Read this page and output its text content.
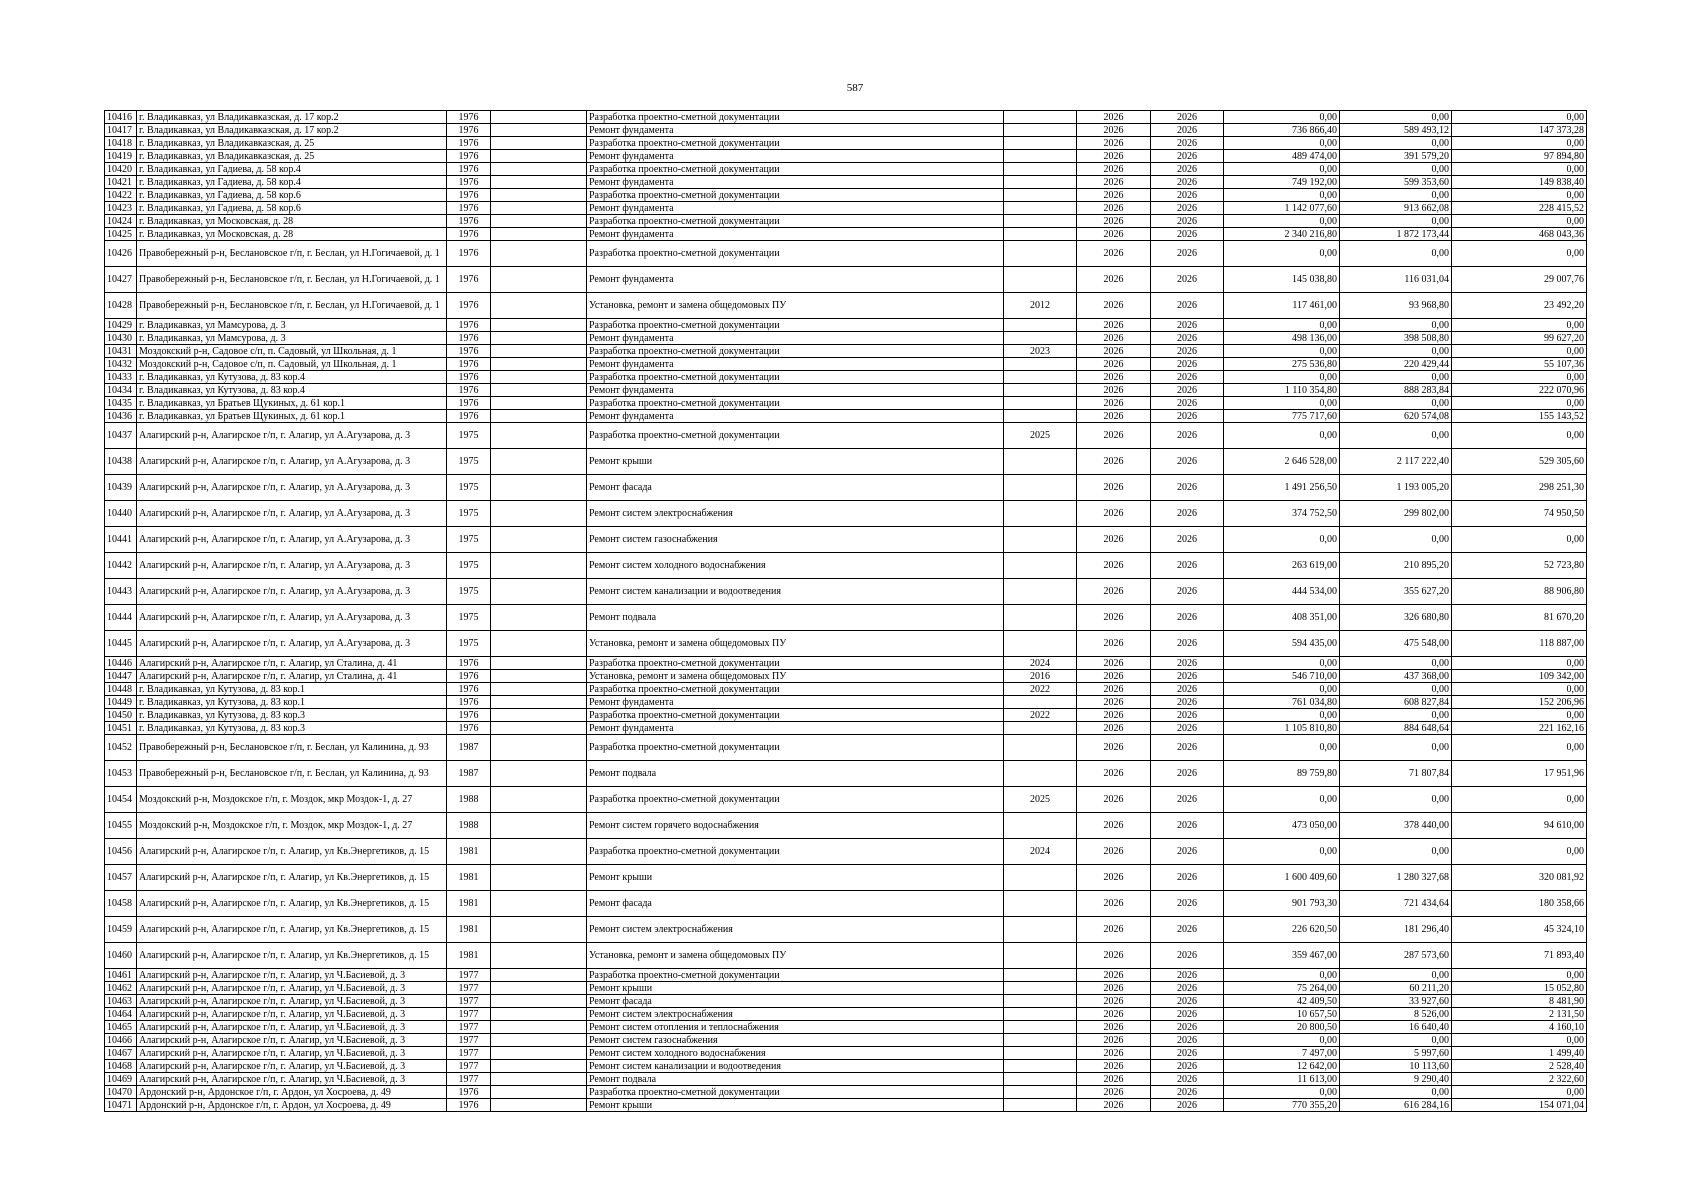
587
10416	г. Владикавказ, ул Владикавказская, д. 17 кор.2	1976		Разработка проектно-сметной документации		2026	2026	0,00	0,00	0,00
10417	г. Владикавказ, ул Владикавказская, д. 17 кор.2	1976		Ремонт фундамента		2026	2026	736 866,40	589 493,12	147 373,28
10418	г. Владикавказ, ул Владикавказская, д. 25	1976		Разработка проектно-сметной документации		2026	2026	0,00	0,00	0,00
10419	г. Владикавказ, ул Владикавказская, д. 25	1976		Ремонт фундамента		2026	2026	489 474,00	391 579,20	97 894,80
10420	г. Владикавказ, ул Гадиева, д. 58 кор.4	1976		Разработка проектно-сметной документации		2026	2026	0,00	0,00	0,00
10421	г. Владикавказ, ул Гадиева, д. 58 кор.4	1976		Ремонт фундамента		2026	2026	749 192,00	599 353,60	149 838,40
10422	г. Владикавказ, ул Гадиева, д. 58 кор.6	1976		Разработка проектно-сметной документации		2026	2026	0,00	0,00	0,00
10423	г. Владикавказ, ул Гадиева, д. 58 кор.6	1976		Ремонт фундамента		2026	2026	1 142 077,60	913 662,08	228 415,52
10424	г. Владикавказ, ул Московская, д. 28	1976		Разработка проектно-сметной документации		2026	2026	0,00	0,00	0,00
10425	г. Владикавказ, ул Московская, д. 28	1976		Ремонт фундамента		2026	2026	2 340 216,80	1 872 173,44	468 043,36
10426	Правобережный р-н, Беслановское г/п, г. Беслан, ул Н.Гогичаевой, д. 1	1976		Разработка проектно-сметной документации		2026	2026	0,00	0,00	0,00
10427	Правобережный р-н, Беслановское г/п, г. Беслан, ул Н.Гогичаевой, д. 1	1976		Ремонт фундамента		2026	2026	145 038,80	116 031,04	29 007,76
10428	Правобережный р-н, Беслановское г/п, г. Беслан, ул Н.Гогичаевой, д. 1	1976		Установка, ремонт и замена общедомовых ПУ	2012	2026	2026	117 461,00	93 968,80	23 492,20
10429	г. Владикавказ, ул Мамсурова, д. 3	1976		Разработка проектно-сметной документации		2026	2026	0,00	0,00	0,00
10430	г. Владикавказ, ул Мамсурова, д. 3	1976		Ремонт фундамента		2026	2026	498 136,00	398 508,80	99 627,20
10431	Моздокский р-н, Садовое с/п, п. Садовый, ул Школьная, д. 1	1976		Разработка проектно-сметной документации	2023	2026	2026	0,00	0,00	0,00
10432	Моздокский р-н, Садовое с/п, п. Садовый, ул Школьная, д. 1	1976		Ремонт фундамента		2026	2026	275 536,80	220 429,44	55 107,36
10433	г. Владикавказ, ул Кутузова, д. 83 кор.4	1976		Разработка проектно-сметной документации		2026	2026	0,00	0,00	0,00
10434	г. Владикавказ, ул Кутузова, д. 83 кор.4	1976		Ремонт фундамента		2026	2026	1 110 354,80	888 283,84	222 070,96
10435	г. Владикавказ, ул Братьев Щукиных, д. 61 кор.1	1976		Разработка проектно-сметной документации		2026	2026	0,00	0,00	0,00
10436	г. Владикавказ, ул Братьев Щукиных, д. 61 кор.1	1976		Ремонт фундамента		2026	2026	775 717,60	620 574,08	155 143,52
10437	Алагирский р-н, Алагирское г/п, г. Алагир, ул А.Агузарова, д. 3	1975		Разработка проектно-сметной документации	2025	2026	2026	0,00	0,00	0,00
10438	Алагирский р-н, Алагирское г/п, г. Алагир, ул А.Агузарова, д. 3	1975		Ремонт крыши		2026	2026	2 646 528,00	2 117 222,40	529 305,60
10439	Алагирский р-н, Алагирское г/п, г. Алагир, ул А.Агузарова, д. 3	1975		Ремонт фасада		2026	2026	1 491 256,50	1 193 005,20	298 251,30
10440	Алагирский р-н, Алагирское г/п, г. Алагир, ул А.Агузарова, д. 3	1975		Ремонт систем электроснабжения		2026	2026	374 752,50	299 802,00	74 950,50
10441	Алагирский р-н, Алагирское г/п, г. Алагир, ул А.Агузарова, д. 3	1975		Ремонт систем газоснабжения		2026	2026	0,00	0,00	0,00
10442	Алагирский р-н, Алагирское г/п, г. Алагир, ул А.Агузарова, д. 3	1975		Ремонт систем холодного водоснабжения		2026	2026	263 619,00	210 895,20	52 723,80
10443	Алагирский р-н, Алагирское г/п, г. Алагир, ул А.Агузарова, д. 3	1975		Ремонт систем канализации и водоотведения		2026	2026	444 534,00	355 627,20	88 906,80
10444	Алагирский р-н, Алагирское г/п, г. Алагир, ул А.Агузарова, д. 3	1975		Ремонт подвала		2026	2026	408 351,00	326 680,80	81 670,20
10445	Алагирский р-н, Алагирское г/п, г. Алагир, ул А.Агузарова, д. 3	1975		Установка, ремонт и замена общедомовых ПУ		2026	2026	594 435,00	475 548,00	118 887,00
10446	Алагирский р-н, Алагирское г/п, г. Алагир, ул Сталина, д. 41	1976		Разработка проектно-сметной документации	2024	2026	2026	0,00	0,00	0,00
10447	Алагирский р-н, Алагирское г/п, г. Алагир, ул Сталина, д. 41	1976		Установка, ремонт и замена общедомовых ПУ	2016	2026	2026	546 710,00	437 368,00	109 342,00
10448	г. Владикавказ, ул Кутузова, д. 83 кор.1	1976		Разработка проектно-сметной документации	2022	2026	2026	0,00	0,00	0,00
10449	г. Владикавказ, ул Кутузова, д. 83 кор.1	1976		Ремонт фундамента		2026	2026	761 034,80	608 827,84	152 206,96
10450	г. Владикавказ, ул Кутузова, д. 83 кор.3	1976		Разработка проектно-сметной документации	2022	2026	2026	0,00	0,00	0,00
10451	г. Владикавказ, ул Кутузова, д. 83 кор.3	1976		Ремонт фундамента		2026	2026	1 105 810,80	884 648,64	221 162,16
10452	Правобережный р-н, Беслановское г/п, г. Беслан, ул Калинина, д. 93	1987		Разработка проектно-сметной документации		2026	2026	0,00	0,00	0,00
10453	Правобережный р-н, Беслановское г/п, г. Беслан, ул Калинина, д. 93	1987		Ремонт подвала		2026	2026	89 759,80	71 807,84	17 951,96
10454	Моздокский р-н, Моздокское г/п, г. Моздок, мкр Моздок-1, д. 27	1988		Разработка проектно-сметной документации	2025	2026	2026	0,00	0,00	0,00
10455	Моздокский р-н, Моздокское г/п, г. Моздок, мкр Моздок-1, д. 27	1988		Ремонт систем горячего водоснабжения		2026	2026	473 050,00	378 440,00	94 610,00
10456	Алагирский р-н, Алагирское г/п, г. Алагир, ул Кв.Энергетиков, д. 15	1981		Разработка проектно-сметной документации	2024	2026	2026	0,00	0,00	0,00
10457	Алагирский р-н, Алагирское г/п, г. Алагир, ул Кв.Энергетиков, д. 15	1981		Ремонт крыши		2026	2026	1 600 409,60	1 280 327,68	320 081,92
10458	Алагирский р-н, Алагирское г/п, г. Алагир, ул Кв.Энергетиков, д. 15	1981		Ремонт фасада		2026	2026	901 793,30	721 434,64	180 358,66
10459	Алагирский р-н, Алагирское г/п, г. Алагир, ул Кв.Энергетиков, д. 15	1981		Ремонт систем электроснабжения		2026	2026	226 620,50	181 296,40	45 324,10
10460	Алагирский р-н, Алагирское г/п, г. Алагир, ул Кв.Энергетиков, д. 15	1981		Установка, ремонт и замена общедомовых ПУ		2026	2026	359 467,00	287 573,60	71 893,40
10461	Алагирский р-н, Алагирское г/п, г. Алагир, ул Ч.Басиевой, д. 3	1977		Разработка проектно-сметной документации		2026	2026	0,00	0,00	0,00
10462	Алагирский р-н, Алагирское г/п, г. Алагир, ул Ч.Басиевой, д. 3	1977		Ремонт крыши		2026	2026	75 264,00	60 211,20	15 052,80
10463	Алагирский р-н, Алагирское г/п, г. Алагир, ул Ч.Басиевой, д. 3	1977		Ремонт фасада		2026	2026	42 409,50	33 927,60	8 481,90
10464	Алагирский р-н, Алагирское г/п, г. Алагир, ул Ч.Басиевой, д. 3	1977		Ремонт систем электроснабжения		2026	2026	10 657,50	8 526,00	2 131,50
10465	Алагирский р-н, Алагирское г/п, г. Алагир, ул Ч.Басиевой, д. 3	1977		Ремонт систем отопления и теплоснабжения		2026	2026	20 800,50	16 640,40	4 160,10
10466	Алагирский р-н, Алагирское г/п, г. Алагир, ул Ч.Басиевой, д. 3	1977		Ремонт систем газоснабжения		2026	2026	0,00	0,00	0,00
10467	Алагирский р-н, Алагирское г/п, г. Алагир, ул Ч.Басиевой, д. 3	1977		Ремонт систем холодного водоснабжения		2026	2026	7 497,00	5 997,60	1 499,40
10468	Алагирский р-н, Алагирское г/п, г. Алагир, ул Ч.Басиевой, д. 3	1977		Ремонт систем канализации и водоотведения		2026	2026	12 642,00	10 113,60	2 528,40
10469	Алагирский р-н, Алагирское г/п, г. Алагир, ул Ч.Басиевой, д. 3	1977		Ремонт подвала		2026	2026	11 613,00	9 290,40	2 322,60
10470	Ардонский р-н, Ардонское г/п, г. Ардон, ул Хосроева, д. 49	1976		Разработка проектно-сметной документации		2026	2026	0,00	0,00	0,00
10471	Ардонский р-н, Ардонское г/п, г. Ардон, ул Хосроева, д. 49	1976		Ремонт крыши		2026	2026	770 355,20	616 284,16	154 071,04
